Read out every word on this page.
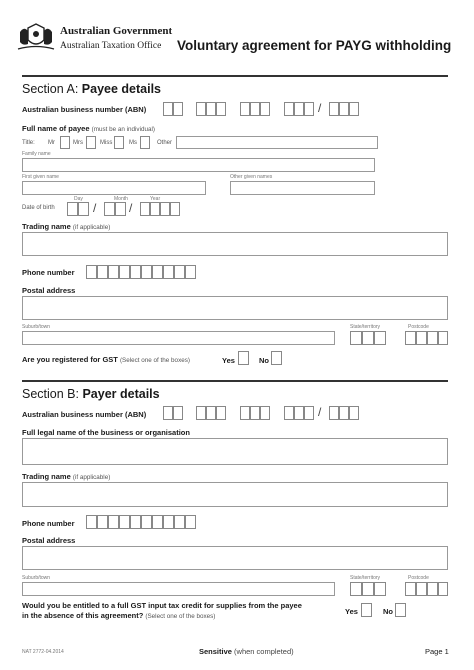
Australian Government
Australian Taxation Office Voluntary agreement for PAYG withholding
Section A: Payee details
Australian business number (ABN)	/
Full name of payee (must be an individual)
Title: Mr	Mrs	Miss	Ms	Other
Family name
First given name	Other given names
Date of birth
Day	Month	Year
/	/
Trading name (if applicable)
Phone number
Postal address
Suburb/town	State/territory	Postcode
Are you registered for GST (Select one of the boxes)	Yes	No
Section B: Payer details
Australian business number (ABN)	/
Full legal name of the business or organisation
Trading name (if applicable)
Phone number
Postal address
Suburb/town	State/territory	Postcode
Would you be entitled to a full GST input tax credit for supplies from the payee
in the absence of this agreement? (Select one of the boxes)
Yes	No
NAT 2772-04.2014	Sensitive (when completed)	Page 1
